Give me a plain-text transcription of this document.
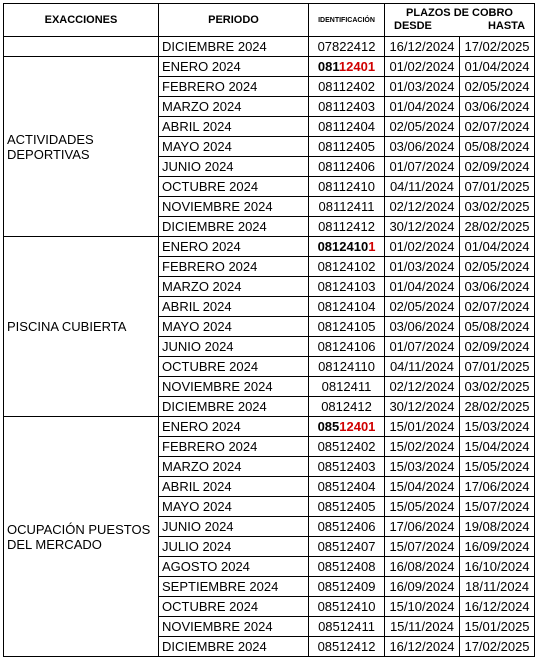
EXACCIONES	PERIODO	IDENTIFICACIÓN	PLAZOS DE COBRO
DESDE HASTA	

	DICIEMBRE 2024	07822412	16/12/2024	17/02/2025
ACTIVIDADES DEPORTIVAS	ENERO 2024	08112401	01/02/2024	01/04/2024
	FEBRERO 2024	08112402	01/03/2024	02/05/2024
	MARZO 2024	08112403	01/04/2024	03/06/2024
	ABRIL 2024	08112404	02/05/2024	02/07/2024
	MAYO 2024	08112405	03/06/2024	05/08/2024
	JUNIO 2024	08112406	01/07/2024	02/09/2024
	OCTUBRE 2024	08112410	04/11/2024	07/01/2025
	NOVIEMBRE 2024	08112411	02/12/2024	03/02/2025
	DICIEMBRE 2024	08112412	30/12/2024	28/02/2025
PISCINA CUBIERTA	ENERO 2024	08124101	01/02/2024	01/04/2024
	FEBRERO 2024	08124102	01/03/2024	02/05/2024
	MARZO 2024	08124103	01/04/2024	03/06/2024
	ABRIL 2024	08124104	02/05/2024	02/07/2024
	MAYO 2024	08124105	03/06/2024	05/08/2024
	JUNIO 2024	08124106	01/07/2024	02/09/2024
	OCTUBRE 2024	08124110	04/11/2024	07/01/2025
	NOVIEMBRE 2024	0812411	02/12/2024	03/02/2025
	DICIEMBRE 2024	0812412	30/12/2024	28/02/2025
OCUPACIÓN PUESTOS DEL MERCADO	ENERO 2024	08512401	15/01/2024	15/03/2024
	FEBRERO 2024	08512402	15/02/2024	15/04/2024
	MARZO 2024	08512403	15/03/2024	15/05/2024
	ABRIL 2024	08512404	15/04/2024	17/06/2024
	MAYO 2024	08512405	15/05/2024	15/07/2024
	JUNIO 2024	08512406	17/06/2024	19/08/2024
	JULIO 2024	08512407	15/07/2024	16/09/2024
	AGOSTO 2024	08512408	16/08/2024	16/10/2024
	SEPTIEMBRE 2024	08512409	16/09/2024	18/11/2024
	OCTUBRE 2024	08512410	15/10/2024	16/12/2024
	NOVIEMBRE 2024	08512411	15/11/2024	15/01/2025
	DICIEMBRE 2024	08512412	16/12/2024	17/02/2025
